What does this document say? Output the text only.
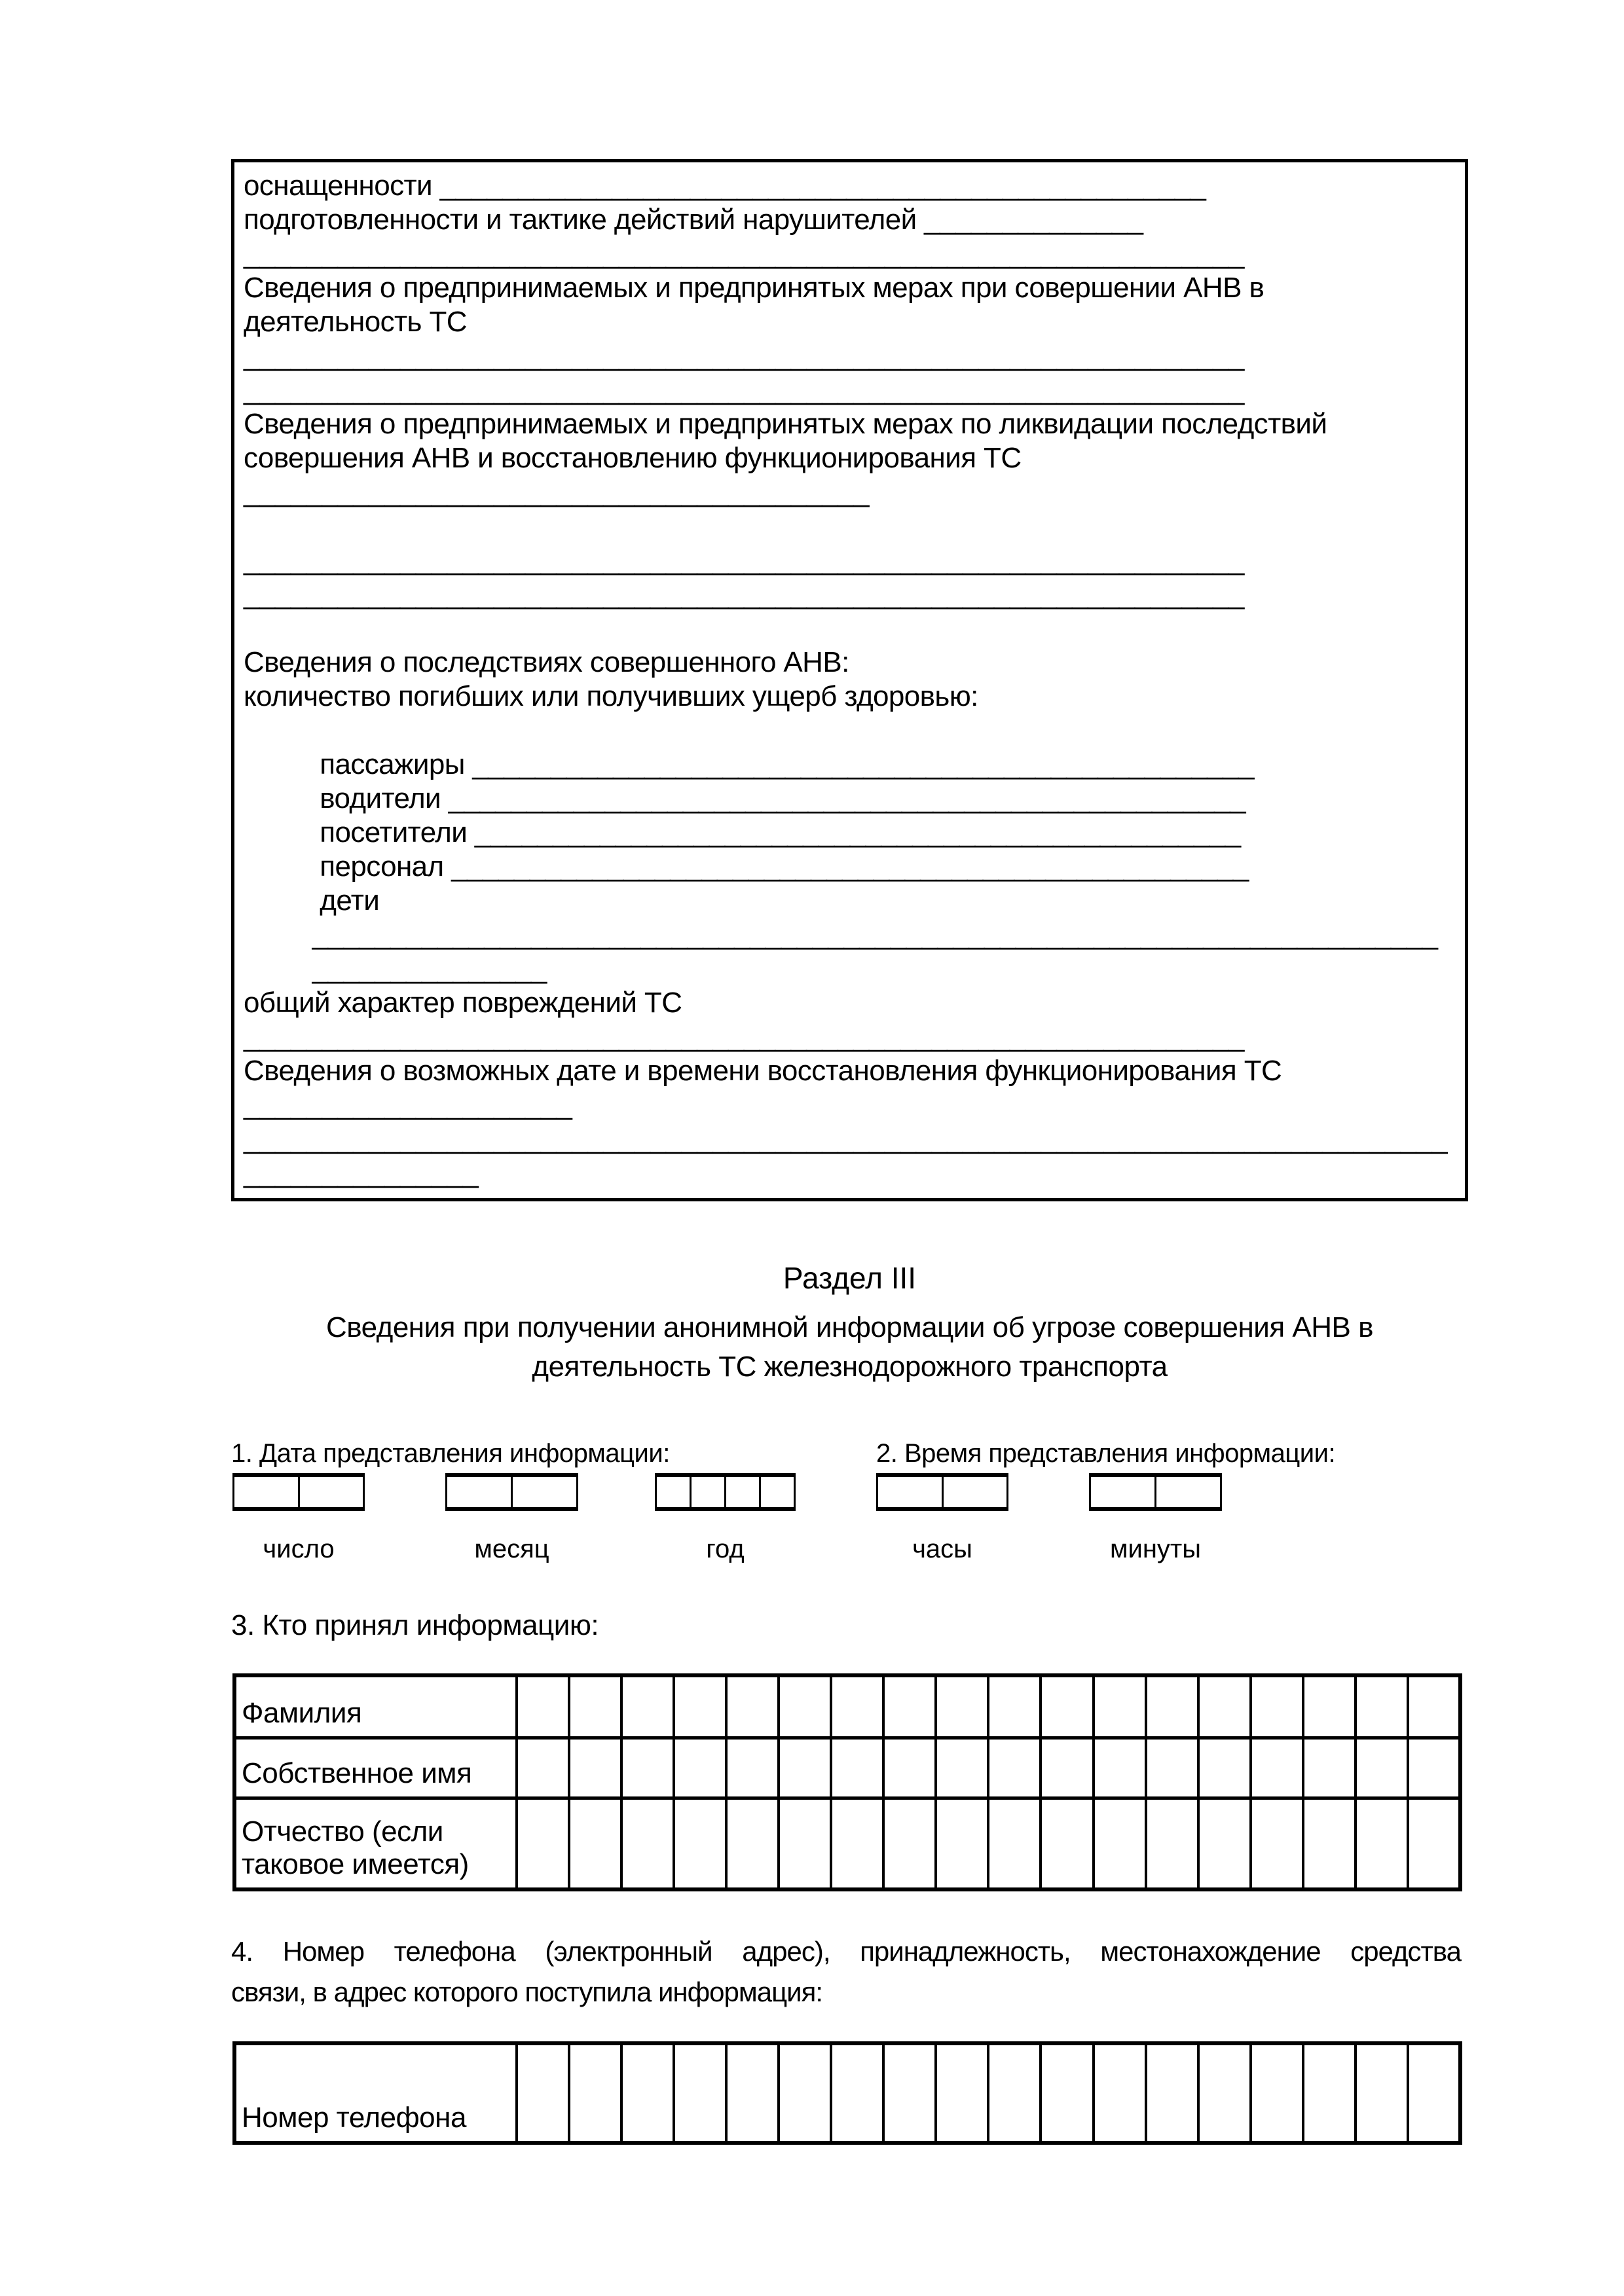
оснащенности _________________________________________________
подготовленности и тактике действий нарушителей ______________
________________________________________________________________
Сведения о предпринимаемых и предпринятых мерах при совершении АНВ в
деятельность ТС
________________________________________________________________
________________________________________________________________
Сведения о предпринимаемых и предпринятых мерах по ликвидации последствий
совершения АНВ и восстановлению функционирования ТС
________________________________________

________________________________________________________________
________________________________________________________________

Сведения о последствиях совершенного АНВ:
количество погибших или получивших ущерб здоровью:

пассажиры __________________________________________________
водители ___________________________________________________
посетители _________________________________________________
персонал ___________________________________________________
дети
________________________________________________________________________
_______________
общий характер повреждений ТС
________________________________________________________________
Сведения о возможных дате и времени восстановления функционирования ТС
_____________________
_____________________________________________________________________________
_______________
Раздел III
Сведения при получении анонимной информации об угрозе совершения АНВ в
деятельность ТС железнодорожного транспорта
1. Дата представления информации:	2. Время представления информации:
3. Кто принял информацию:
Фамилия																		
Собственное имя																		
Отчество (если таковое имеется)																		
4. Номер телефона (электронный адрес), принадлежность, местонахождение средства
связи, в адрес которого поступила информация:
Номер телефона																		
число	месяц	год	часы	минуты
